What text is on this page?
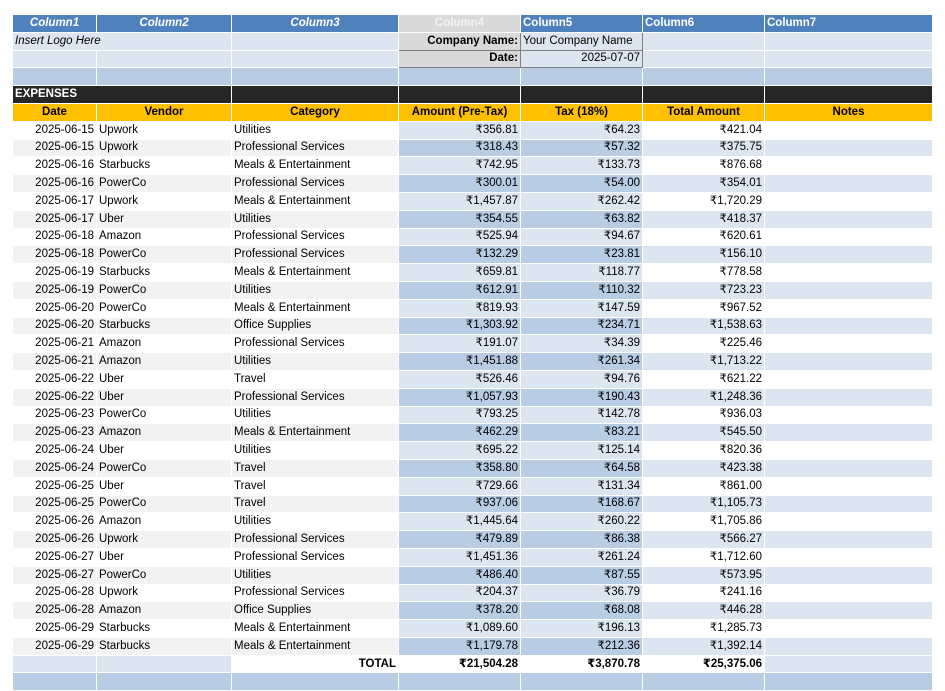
Column1	Column2	Column3	Column4	Column5	Column6	Column7
Insert Logo Here			Company Name:	Your Company Name		
			Date:	2025-07-07		

EXPENSES						
Date	Vendor	Category	Amount (Pre-Tax)	Tax (18%)	Total Amount	Notes
2025-06-15	Upwork	Utilities	₹356.81	₹64.23	₹421.04	
2025-06-15	Upwork	Professional Services	₹318.43	₹57.32	₹375.75	
2025-06-16	Starbucks	Meals & Entertainment	₹742.95	₹133.73	₹876.68	
2025-06-16	PowerCo	Professional Services	₹300.01	₹54.00	₹354.01	
2025-06-17	Upwork	Meals & Entertainment	₹1,457.87	₹262.42	₹1,720.29	
2025-06-17	Uber	Utilities	₹354.55	₹63.82	₹418.37	
2025-06-18	Amazon	Professional Services	₹525.94	₹94.67	₹620.61	
2025-06-18	PowerCo	Professional Services	₹132.29	₹23.81	₹156.10	
2025-06-19	Starbucks	Meals & Entertainment	₹659.81	₹118.77	₹778.58	
2025-06-19	PowerCo	Utilities	₹612.91	₹110.32	₹723.23	
2025-06-20	PowerCo	Meals & Entertainment	₹819.93	₹147.59	₹967.52	
2025-06-20	Starbucks	Office Supplies	₹1,303.92	₹234.71	₹1,538.63	
2025-06-21	Amazon	Professional Services	₹191.07	₹34.39	₹225.46	
2025-06-21	Amazon	Utilities	₹1,451.88	₹261.34	₹1,713.22	
2025-06-22	Uber	Travel	₹526.46	₹94.76	₹621.22	
2025-06-22	Uber	Professional Services	₹1,057.93	₹190.43	₹1,248.36	
2025-06-23	PowerCo	Utilities	₹793.25	₹142.78	₹936.03	
2025-06-23	Amazon	Meals & Entertainment	₹462.29	₹83.21	₹545.50	
2025-06-24	Uber	Utilities	₹695.22	₹125.14	₹820.36	
2025-06-24	PowerCo	Travel	₹358.80	₹64.58	₹423.38	
2025-06-25	Uber	Travel	₹729.66	₹131.34	₹861.00	
2025-06-25	PowerCo	Travel	₹937.06	₹168.67	₹1,105.73	
2025-06-26	Amazon	Utilities	₹1,445.64	₹260.22	₹1,705.86	
2025-06-26	Upwork	Professional Services	₹479.89	₹86.38	₹566.27	
2025-06-27	Uber	Professional Services	₹1,451.36	₹261.24	₹1,712.60	
2025-06-27	PowerCo	Utilities	₹486.40	₹87.55	₹573.95	
2025-06-28	Upwork	Professional Services	₹204.37	₹36.79	₹241.16	
2025-06-28	Amazon	Office Supplies	₹378.20	₹68.08	₹446.28	
2025-06-29	Starbucks	Meals & Entertainment	₹1,089.60	₹196.13	₹1,285.73	
2025-06-29	Starbucks	Meals & Entertainment	₹1,179.78	₹212.36	₹1,392.14	
		TOTAL	₹21,504.28	₹3,870.78	₹25,375.06	
